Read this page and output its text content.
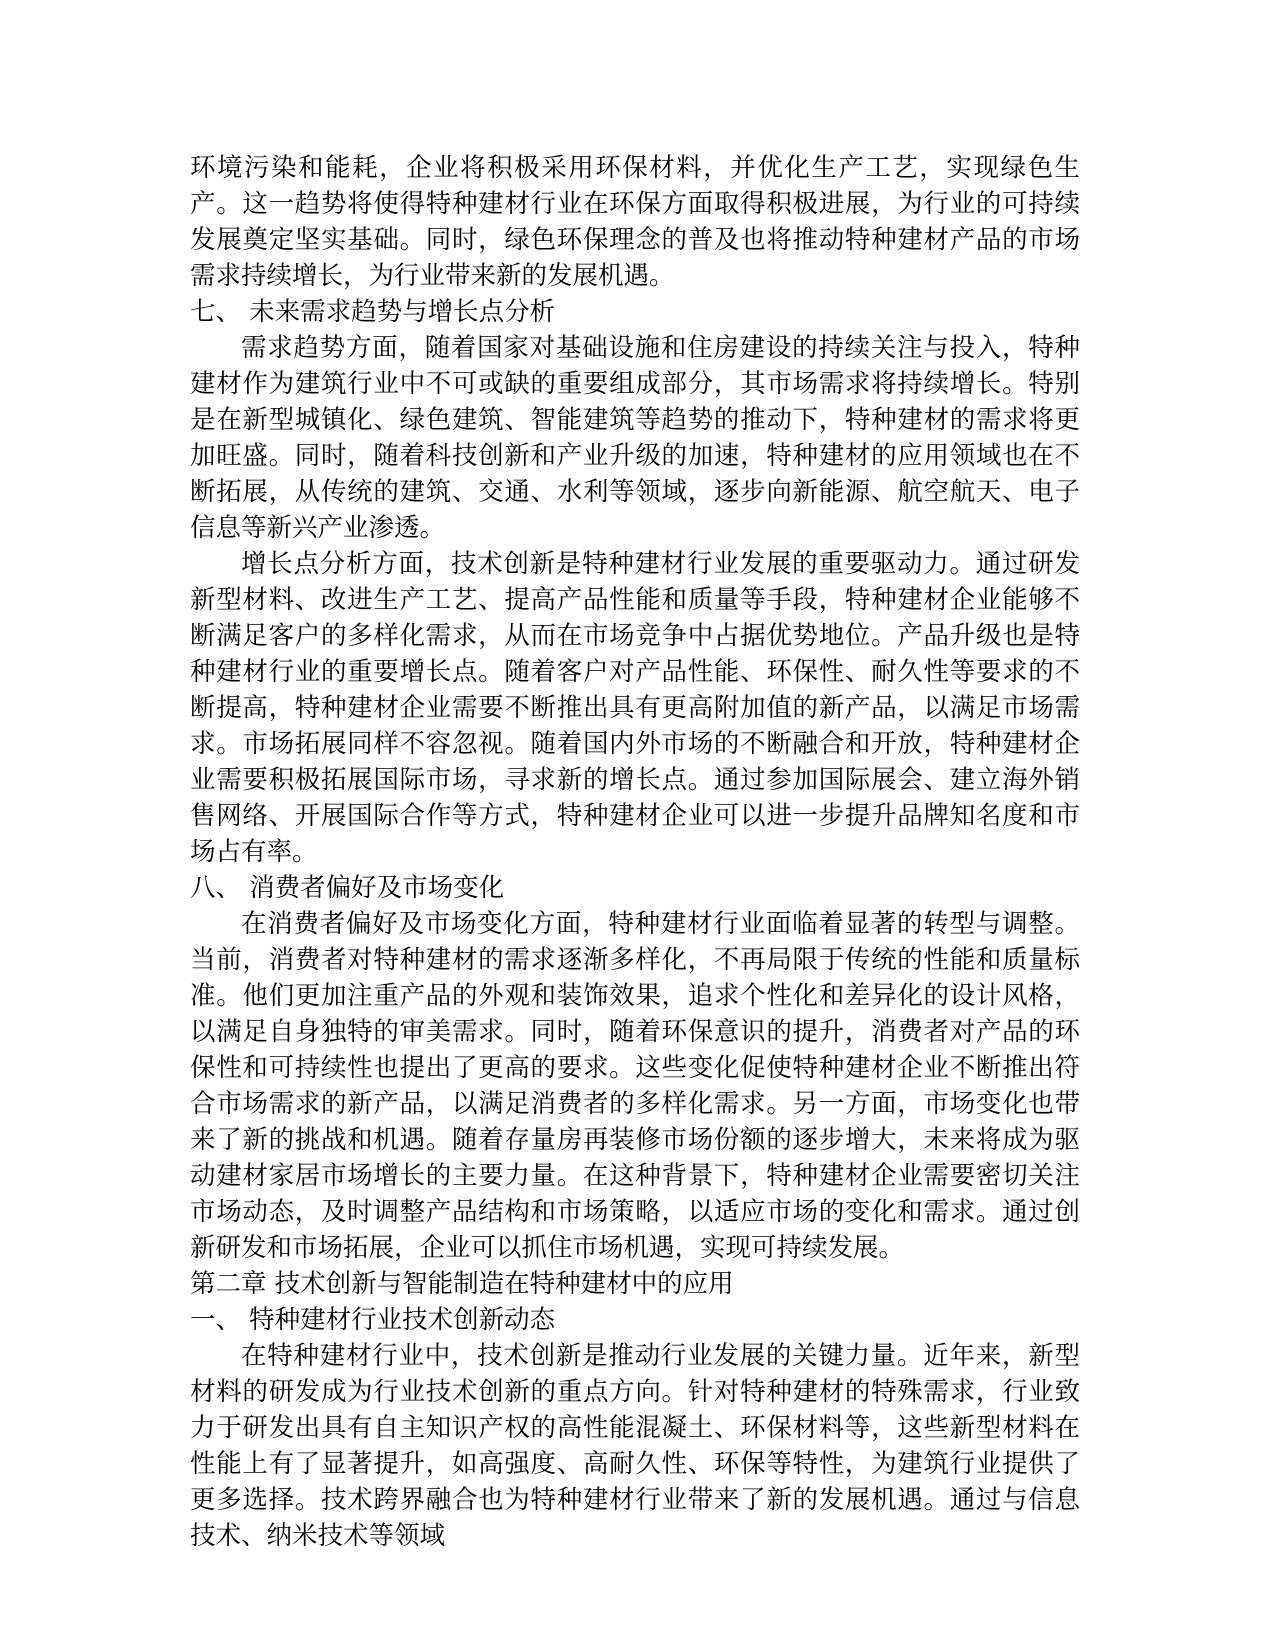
环境污染和能耗，企业将积极采用环保材料，并优化生产工艺，实现绿色生产。这一趋势将使得特种建材行业在环保方面取得积极进展，为行业的可持续发展奠定坚实基础。同时，绿色环保理念的普及也将推动特种建材产品的市场需求持续增长，为行业带来新的发展机遇。

七、 未来需求趋势与增长点分析

需求趋势方面，随着国家对基础设施和住房建设的持续关注与投入，特种建材作为建筑行业中不可或缺的重要组成部分，其市场需求将持续增长。特别是在新型城镇化、绿色建筑、智能建筑等趋势的推动下，特种建材的需求将更加旺盛。同时，随着科技创新和产业升级的加速，特种建材的应用领域也在不断拓展，从传统的建筑、交通、水利等领域，逐步向新能源、航空航天、电子信息等新兴产业渗透。

增长点分析方面，技术创新是特种建材行业发展的重要驱动力。通过研发新型材料、改进生产工艺、提高产品性能和质量等手段，特种建材企业能够不断满足客户的多样化需求，从而在市场竞争中占据优势地位。产品升级也是特种建材行业的重要增长点。随着客户对产品性能、环保性、耐久性等要求的不断提高，特种建材企业需要不断推出具有更高附加值的新产品，以满足市场需求。市场拓展同样不容忽视。随着国内外市场的不断融合和开放，特种建材企业需要积极拓展国际市场，寻求新的增长点。通过参加国际展会、建立海外销售网络、开展国际合作等方式，特种建材企业可以进一步提升品牌知名度和市场占有率。

八、 消费者偏好及市场变化

在消费者偏好及市场变化方面，特种建材行业面临着显著的转型与调整。当前，消费者对特种建材的需求逐渐多样化，不再局限于传统的性能和质量标准。他们更加注重产品的外观和装饰效果，追求个性化和差异化的设计风格，以满足自身独特的审美需求。同时，随着环保意识的提升，消费者对产品的环保性和可持续性也提出了更高的要求。这些变化促使特种建材企业不断推出符合市场需求的新产品，以满足消费者的多样化需求。另一方面，市场变化也带来了新的挑战和机遇。随着存量房再装修市场份额的逐步增大，未来将成为驱动建材家居市场增长的主要力量。在这种背景下，特种建材企业需要密切关注市场动态，及时调整产品结构和市场策略，以适应市场的变化和需求。通过创新研发和市场拓展，企业可以抓住市场机遇，实现可持续发展。

第二章 技术创新与智能制造在特种建材中的应用

一、 特种建材行业技术创新动态

在特种建材行业中，技术创新是推动行业发展的关键力量。近年来，新型材料的研发成为行业技术创新的重点方向。针对特种建材的特殊需求，行业致力于研发出具有自主知识产权的高性能混凝土、环保材料等，这些新型材料在性能上有了显著提升，如高强度、高耐久性、环保等特性，为建筑行业提供了更多选择。技术跨界融合也为特种建材行业带来了新的发展机遇。通过与信息技术、纳米技术等领域
